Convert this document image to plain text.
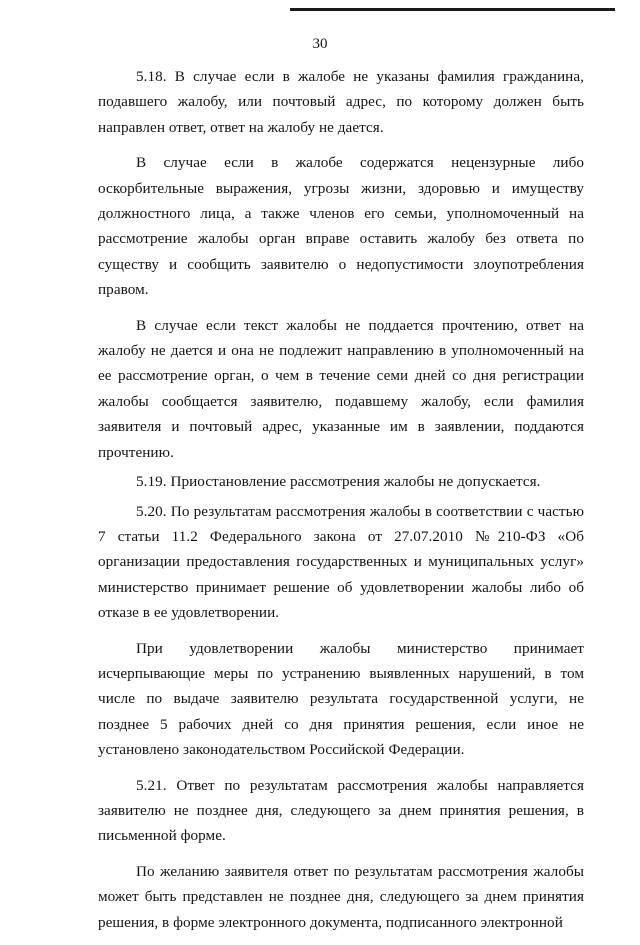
30

5.18. В случае если в жалобе не указаны фамилия гражданина, подавшего жалобу, или почтовый адрес, по которому должен быть направлен ответ, ответ на жалобу не дается.

В случае если в жалобе содержатся нецензурные либо оскорбительные выражения, угрозы жизни, здоровью и имуществу должностного лица, а также членов его семьи, уполномоченный на рассмотрение жалобы орган вправе оставить жалобу без ответа по существу и сообщить заявителю о недопустимости злоупотребления правом.

В случае если текст жалобы не поддается прочтению, ответ на жалобу не дается и она не подлежит направлению в уполномоченный на ее рассмотрение орган, о чем в течение семи дней со дня регистрации жалобы сообщается заявителю, подавшему жалобу, если фамилия заявителя и почтовый адрес, указанные им в заявлении, поддаются прочтению.

5.19. Приостановление рассмотрения жалобы не допускается.

5.20. По результатам рассмотрения жалобы в соответствии с частью 7 статьи 11.2 Федерального закона от 27.07.2010 №210-ФЗ «Об организации предоставления государственных и муниципальных услуг» министерство принимает решение об удовлетворении жалобы либо об отказе в ее удовлетворении.

При удовлетворении жалобы министерство принимает исчерпывающие меры по устранению выявленных нарушений, в том числе по выдаче заявителю результата государственной услуги, не позднее 5 рабочих дней со дня принятия решения, если иное не установлено законодательством Российской Федерации.

5.21. Ответ по результатам рассмотрения жалобы направляется заявителю не позднее дня, следующего за днем принятия решения, в письменной форме.

По желанию заявителя ответ по результатам рассмотрения жалобы может быть представлен не позднее дня, следующего за днем принятия решения, в форме электронного документа, подписанного электронной
